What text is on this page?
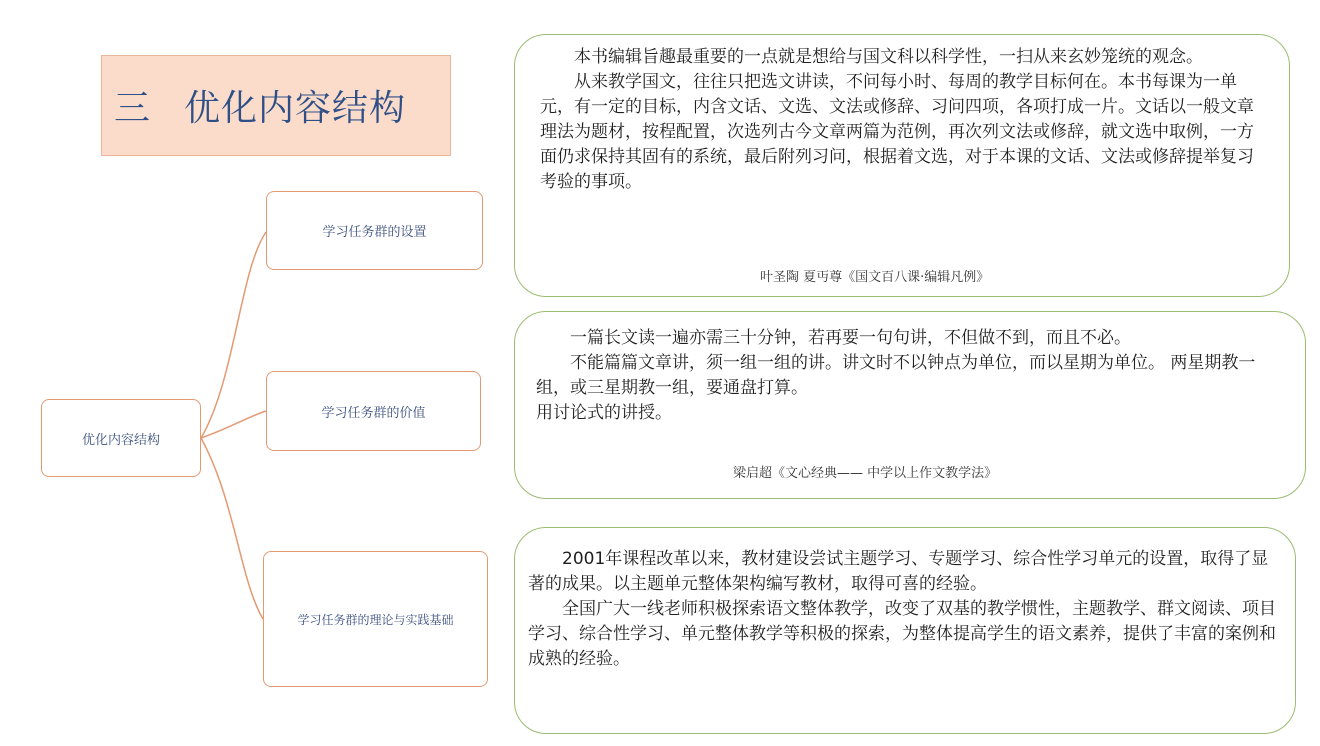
三 优化内容结构
优化内容结构
学习任务群的设置
学习任务群的价值
学习任务群的理论与实践基础

本书编辑旨趣最重要的一点就是想给与国文科以科学性，一扫从来玄妙笼统的观念。

从来教学国文，往往只把选文讲读，不问每小时、每周的教学目标何在。本书每课为一单元，有一定的目标，内含文话、文选、文法或修辞、习问四项，各项打成一片。文话以一般文章理法为题材，按程配置，次选列古今文章两篇为范例，再次列文法或修辞，就文选中取例，一方面仍求保持其固有的系统，最后附列习问，根据着文选，对于本课的文话、文法或修辞提举复习考验的事项。

叶圣陶 夏丏尊《国文百八课·编辑凡例》

一篇长文读一遍亦需三十分钟，若再要一句句讲，不但做不到，而且不必。

不能篇篇文章讲，须一组一组的讲。讲文时不以钟点为单位，而以星期为单位。 两星期教一组，或三星期教一组，要通盘打算。

用讨论式的讲授。

梁启超《文心经典—— 中学以上作文教学法》

2001年课程改革以来，教材建设尝试主题学习、专题学习、综合性学习单元的设置，取得了显著的成果。以主题单元整体架构编写教材，取得可喜的经验。

全国广大一线老师积极探索语文整体教学，改变了双基的教学惯性，主题教学、群文阅读、项目学习、综合性学习、单元整体教学等积极的探索，为整体提高学生的语文素养，提供了丰富的案例和成熟的经验。
